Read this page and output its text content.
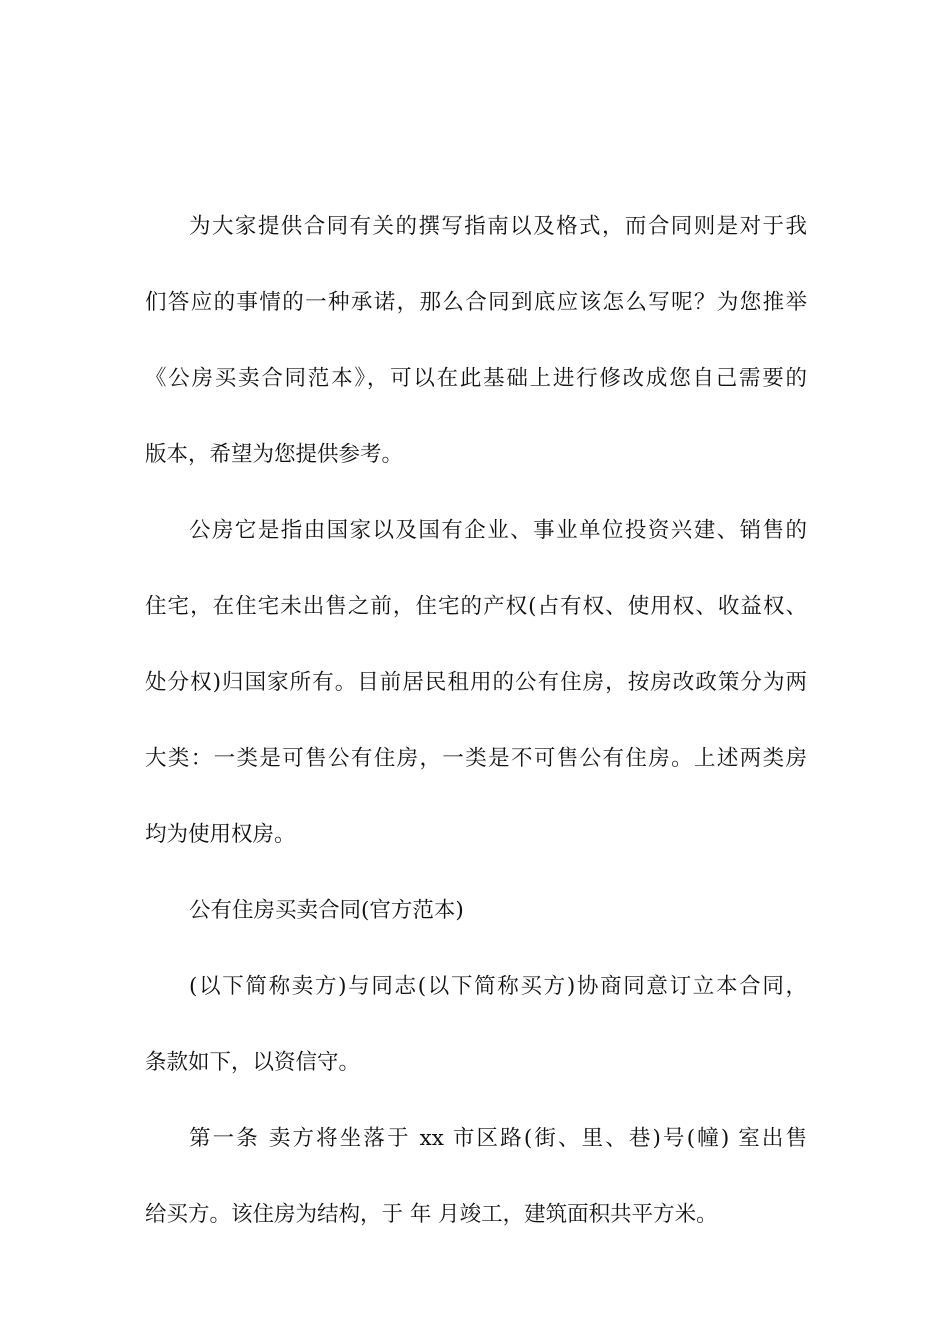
为大家提供合同有关的撰写指南以及格式，而合同则是对于我
们答应的事情的一种承诺，那么合同到底应该怎么写呢？为您推举
《公房买卖合同范本》，可以在此基础上进行修改成您自己需要的
版本，希望为您提供参考。
公房它是指由国家以及国有企业、事业单位投资兴建、销售的
住宅，在住宅未出售之前，住宅的产权(占有权、使用权、收益权、
处分权)归国家所有。目前居民租用的公有住房，按房改政策分为两
大类：一类是可售公有住房，一类是不可售公有住房。上述两类房
均为使用权房。
公有住房买卖合同(官方范本)
(以下简称卖方)与同志(以下简称买方)协商同意订立本合同，
条款如下，以资信守。
第一条 卖方将坐落于 xx 市区路(街、里、巷)号(幢) 室出售
给买方。该住房为结构，于 年 月竣工，建筑面积共平方米。
